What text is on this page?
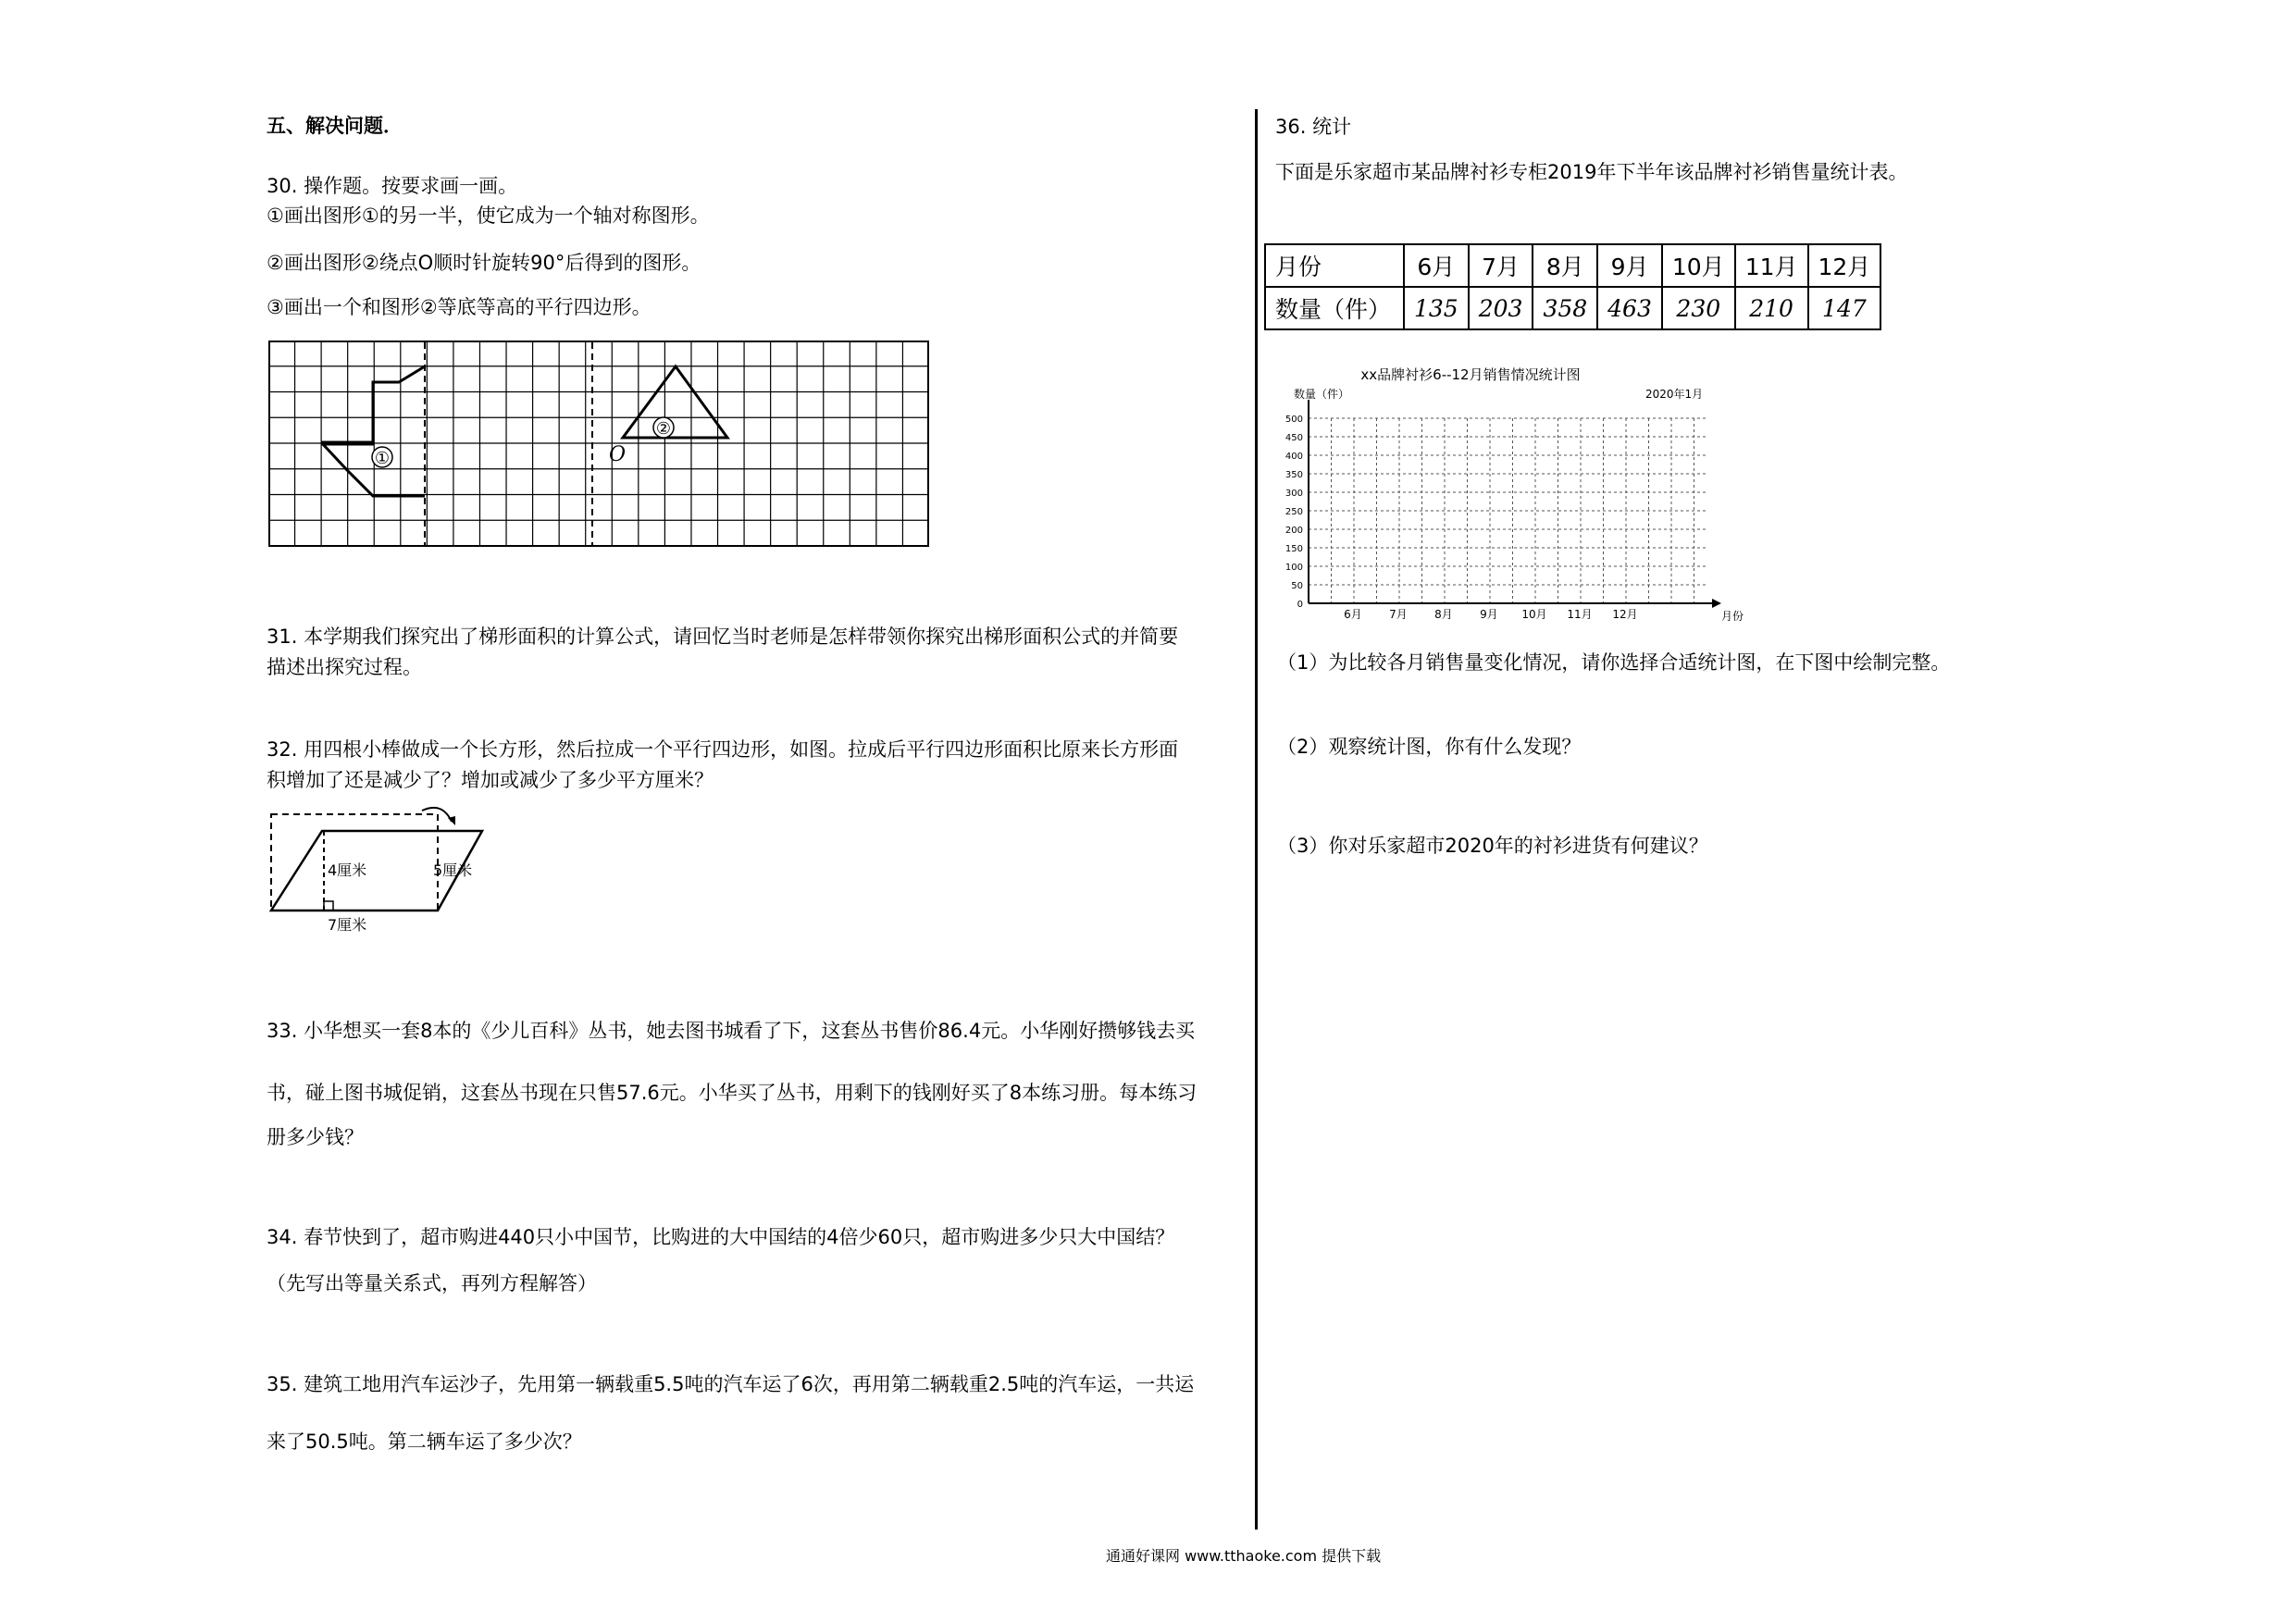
五、解决问题．
30. 操作题。按要求画一画。
①画出图形①的另一半，使它成为一个轴对称图形。
②画出图形②绕点O顺时针旋转90°后得到的图形。
③画出一个和图形②等底等高的平行四边形。
①
②
O
31. 本学期我们探究出了梯形面积的计算公式，请回忆当时老师是怎样带领你探究出梯形面积公式的并简要
描述出探究过程。
32. 用四根小棒做成一个长方形，然后拉成一个平行四边形，如图。拉成后平行四边形面积比原来长方形面
积增加了还是减少了？增加或减少了多少平方厘米？
4厘米	5厘米
7厘米
33. 小华想买一套8本的《少儿百科》丛书，她去图书城看了下，这套丛书售价86.4元。小华刚好攒够钱去买
书，碰上图书城促销，这套丛书现在只售57.6元。小华买了丛书，用剩下的钱刚好买了8本练习册。每本练习
册多少钱？
34. 春节快到了，超市购进440只小中国节，比购进的大中国结的4倍少60只，超市购进多少只大中国结？
（先写出等量关系式，再列方程解答）
35. 建筑工地用汽车运沙子，先用第一辆载重5.5吨的汽车运了6次，再用第二辆载重2.5吨的汽车运，一共运
来了50.5吨。第二辆车运了多少次？
36. 统计
下面是乐家超市某品牌衬衫专柜2019年下半年该品牌衬衫销售量统计表。
月份	6月	7月	8月	9月	10月	11月	12月
数量（件）	135	203	358	463	230	210	147
xx品牌衬衫6--12月销售情况统计图
数量（件）	2020年1月
0
50
100
150
200
250
300
350
400
450
500
6月 7月 8月 9月 10月 11月 12月	月份
（1）为比较各月销售量变化情况，请你选择合适统计图，在下图中绘制完整。
（2）观察统计图，你有什么发现？
（3）你对乐家超市2020年的衬衫进货有何建议？
通通好课网 www.tthaoke.com 提供下载
